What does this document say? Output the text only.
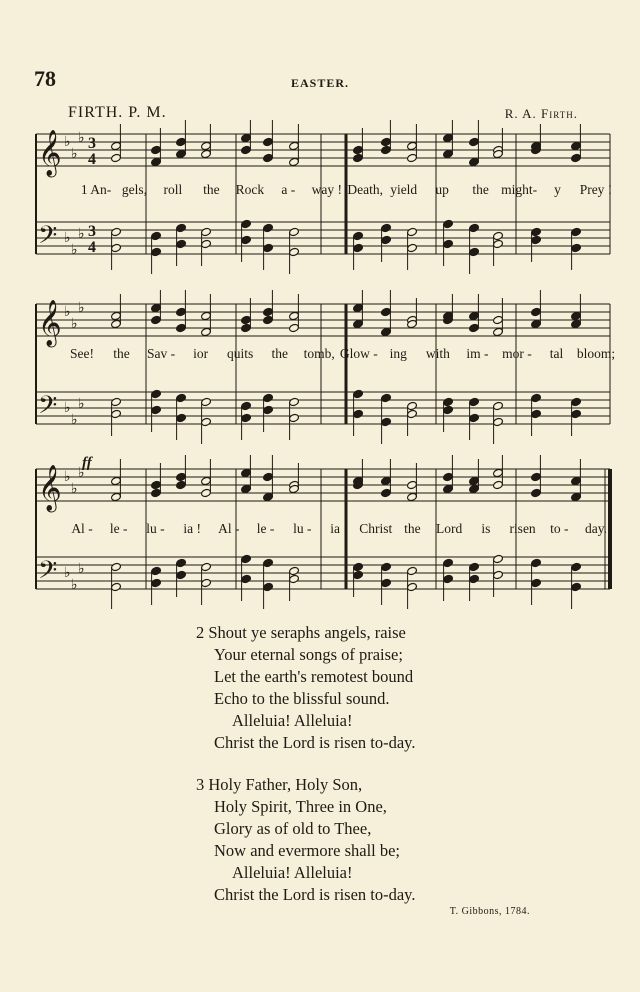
78	EASTER.
FIRTH. P. M.	R. A. Firth.
𝄞
𝄢
♭
♭
♭
♭
♭
♭
3
4
3
4
1 An- gels, roll the Rock a - way ! Death, yield up the might- y Prey !
𝄞
𝄢
♭
♭
♭
♭
♭
♭
See! the Sav - ior quits the tomb, Glow - ing with im - mor - tal bloom;
𝄞
𝄢
♭
♭
♭
♭
♭
♭
ff
Al - le - lu - ia ! Al - le - lu - ia ! Christ the Lord is risen to - day.
2 Shout ye seraphs angels, raise
Your eternal songs of praise;
Let the earth's remotest bound
Echo to the blissful sound.
Alleluia! Alleluia!
Christ the Lord is risen to-day.
3 Holy Father, Holy Son,
Holy Spirit, Three in One,
Glory as of old to Thee,
Now and evermore shall be;
Alleluia! Alleluia!
Christ the Lord is risen to-day.
T. Gibbons, 1784.
